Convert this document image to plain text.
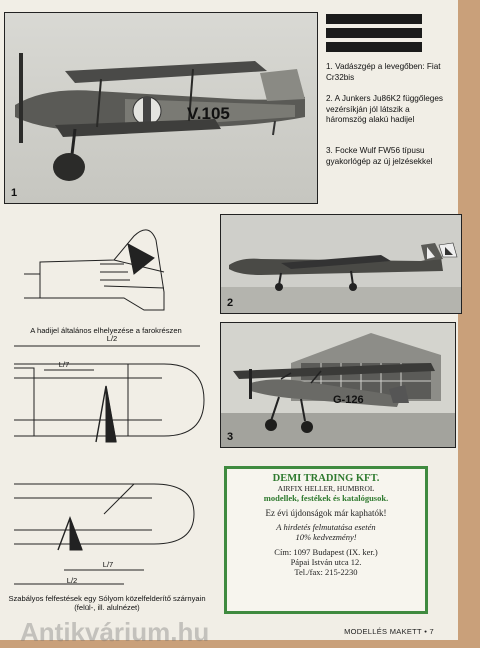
V.105
1
1. Vadászgép a levegőben: Fiat Cr32bis
2. A Junkers Ju86K2 függőleges vezérsíkján jól látszik a háromszög alakú hadijel
3. Focke Wulf FW56 típusu gyakorlógép az új jelzésekkel
A hadijel általános elhelyezése a farokrészen
L/2
L/7
L/7
L/2
Szabályos felfestések egy Sólyom közelfelderítő szárnyain (felül-, ill. alulnézet)
2
G-126
3
DEMI TRADING KFT.
AIRFIX HELLER, HUMBROL
modellek, festékek és katalógusok.
Ez évi újdonságok már kaphatók!
A hirdetés felmutatása esetén
10% kedvezmény!
Cím: 1097 Budapest (IX. ker.)
Pápai István utca 12.
Tel./fax: 215-2230
MODELLÉS MAKETT • 7
Antikvárium.hu
